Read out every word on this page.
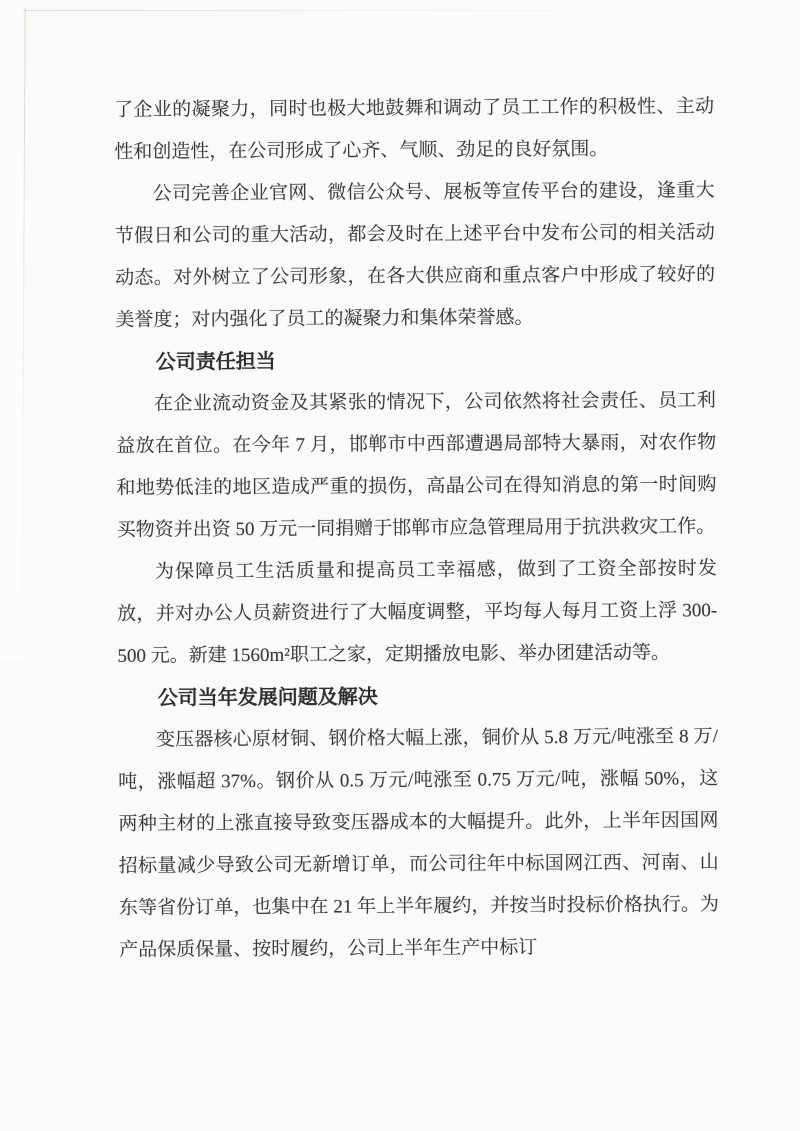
了企业的凝聚力，同时也极大地鼓舞和调动了员工工作的积极性、主动性和创造性，在公司形成了心齐、气顺、劲足的良好氛围。

公司完善企业官网、微信公众号、展板等宣传平台的建设，逢重大节假日和公司的重大活动，都会及时在上述平台中发布公司的相关活动动态。对外树立了公司形象，在各大供应商和重点客户中形成了较好的美誉度；对内强化了员工的凝聚力和集体荣誉感。

公司责任担当

在企业流动资金及其紧张的情况下，公司依然将社会责任、员工利益放在首位。在今年 7 月，邯郸市中西部遭遇局部特大暴雨，对农作物和地势低洼的地区造成严重的损伤，高晶公司在得知消息的第一时间购买物资并出资 50 万元一同捐赠于邯郸市应急管理局用于抗洪救灾工作。

为保障员工生活质量和提高员工幸福感，做到了工资全部按时发放，并对办公人员薪资进行了大幅度调整，平均每人每月工资上浮 300-500 元。新建 1560m²职工之家，定期播放电影、举办团建活动等。

公司当年发展问题及解决

变压器核心原材铜、钢价格大幅上涨，铜价从 5.8 万元/吨涨至 8 万/吨，涨幅超 37%。钢价从 0.5 万元/吨涨至 0.75 万元/吨，涨幅 50%，这两种主材的上涨直接导致变压器成本的大幅提升。此外，上半年因国网招标量减少导致公司无新增订单，而公司往年中标国网江西、河南、山东等省份订单，也集中在 21 年上半年履约，并按当时投标价格执行。为产品保质保量、按时履约，公司上半年生产中标订
